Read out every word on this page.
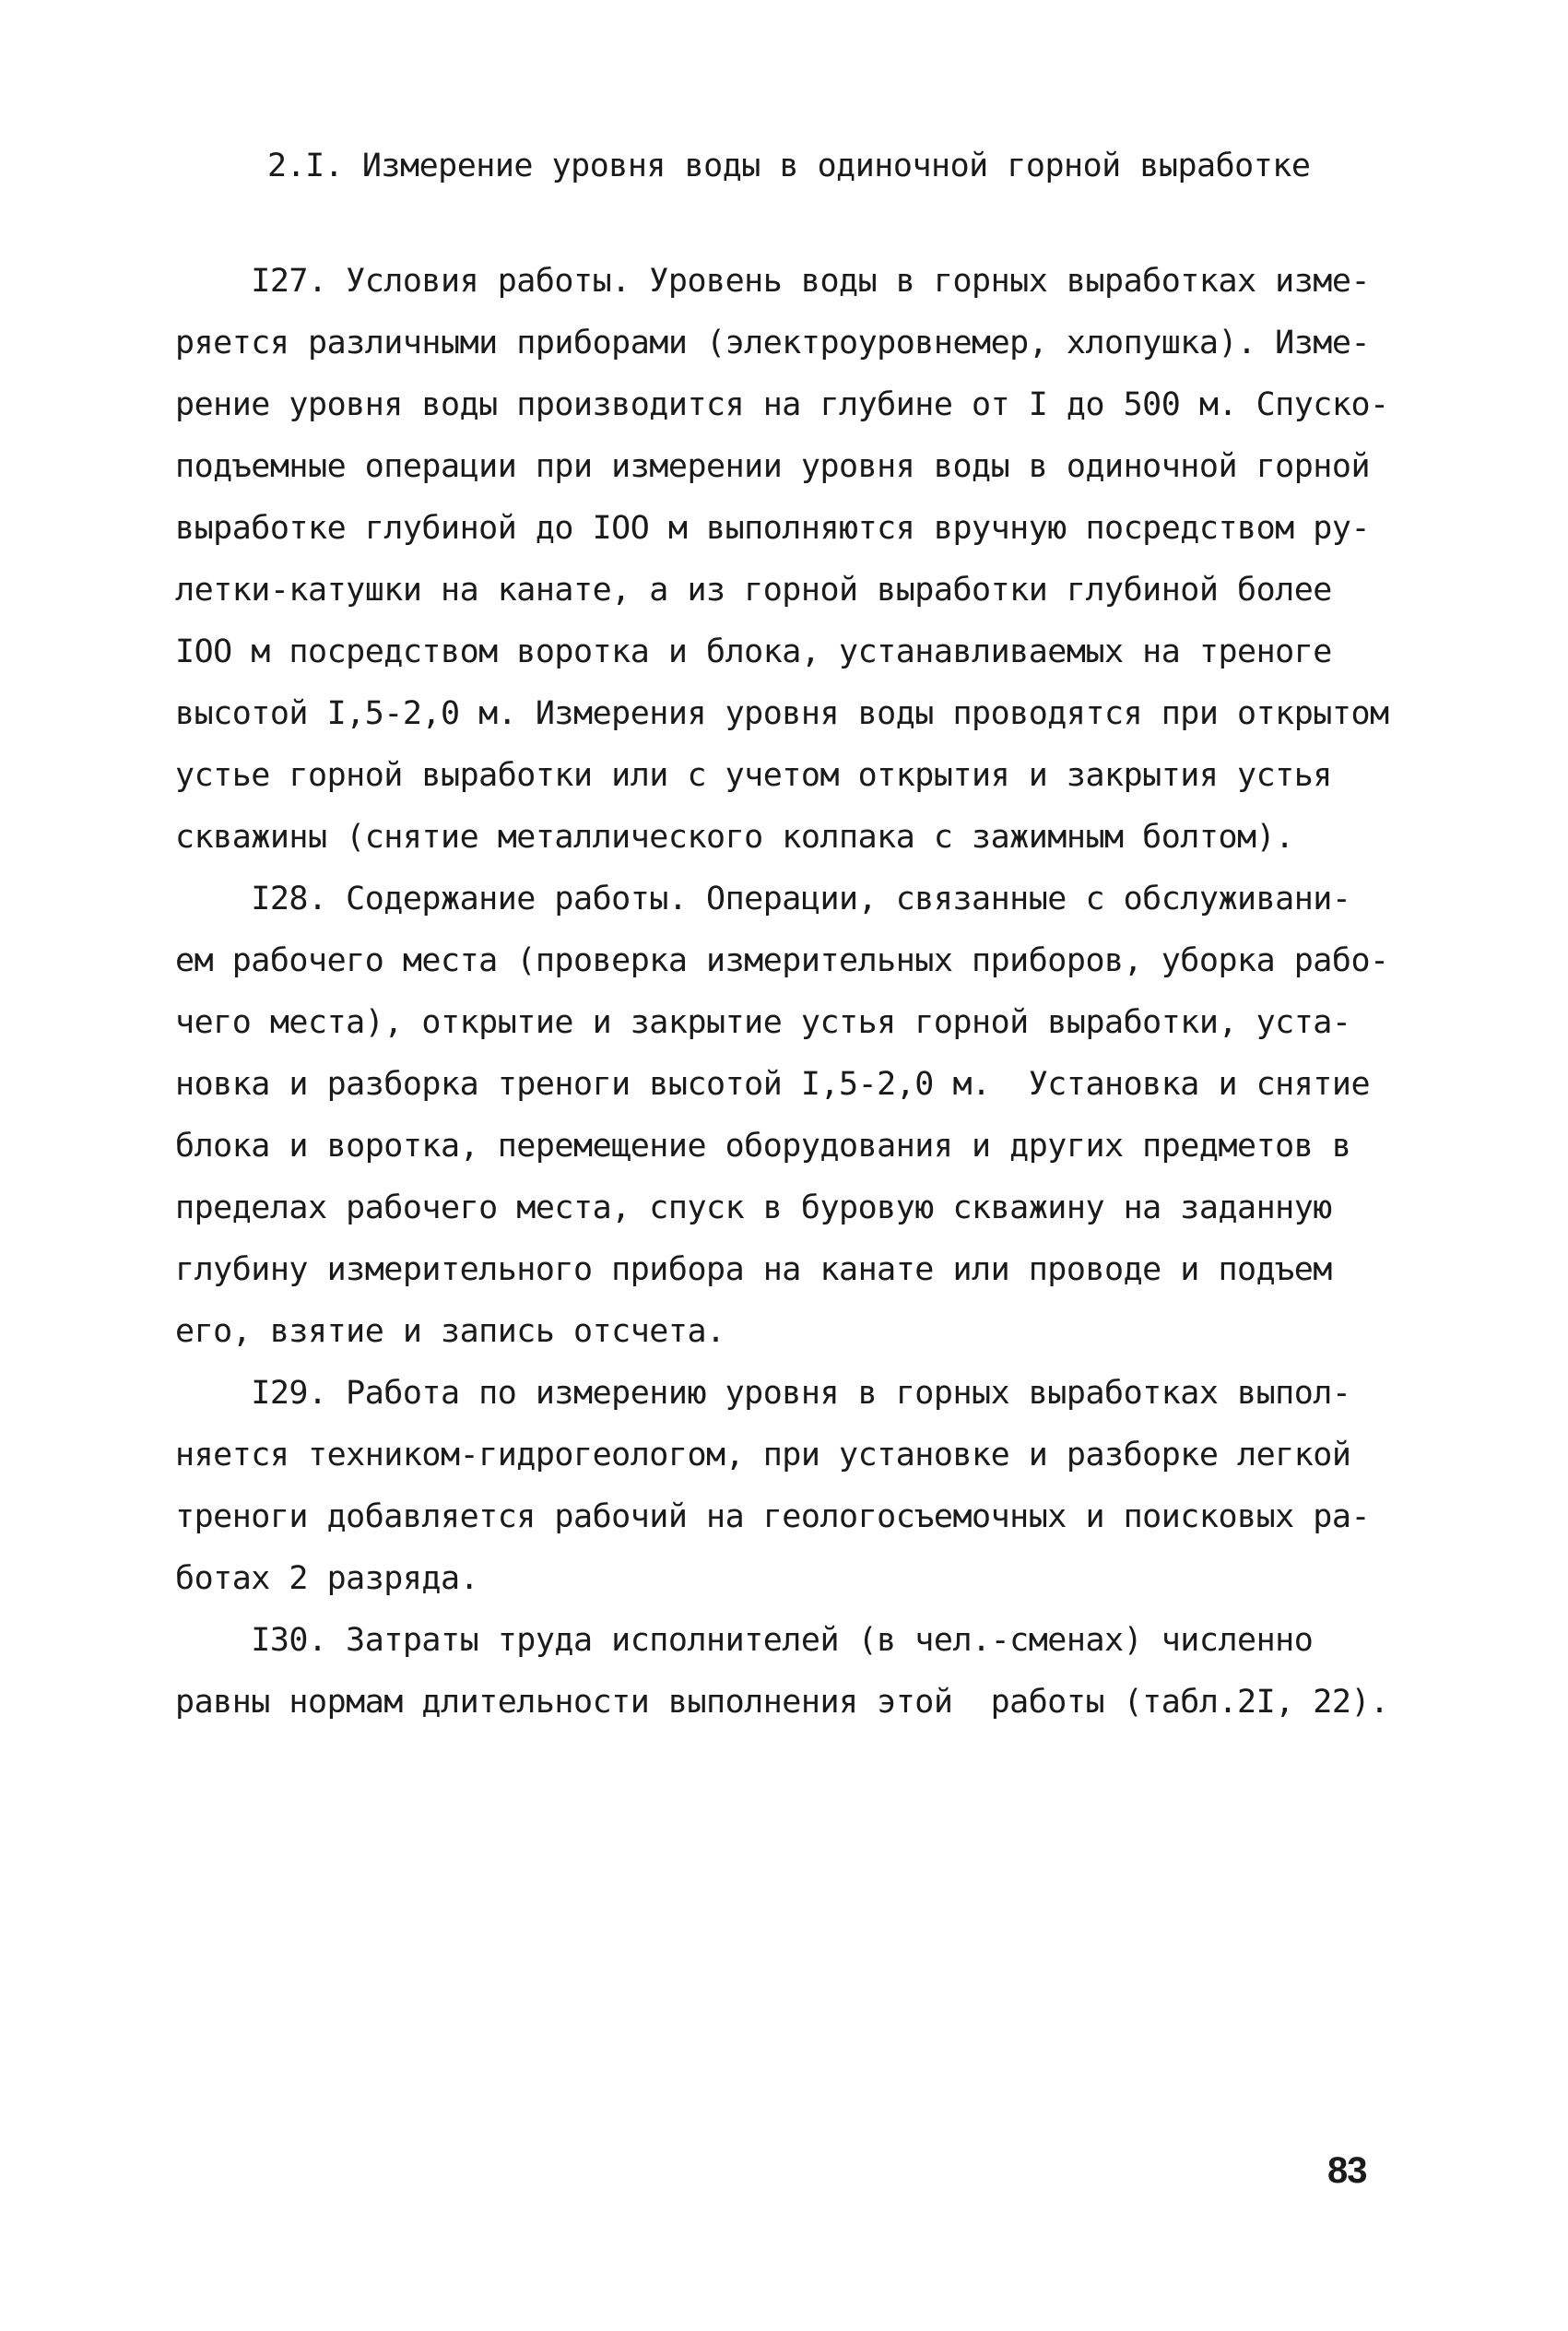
2.I. Измерение уровня воды в одиночной горной выработке
I27. Условия работы. Уровень воды в горных выработках изме-
ряется различными приборами (электроуровнемер, хлопушка). Изме-
рение уровня воды производится на глубине от I до 500 м. Спуско-
подъемные операции при измерении уровня воды в одиночной горной
выработке глубиной до IOO м выполняются вручную посредством ру-
летки-катушки на канате, а из горной выработки глубиной более
IOO м посредством воротка и блока, устанавливаемых на треноге
высотой I,5-2,0 м. Измерения уровня воды проводятся при открытом
устье горной выработки или с учетом открытия и закрытия устья
скважины (снятие металлического колпака с зажимным болтом).
I28. Содержание работы. Операции, связанные с обслуживани-
ем рабочего места (проверка измерительных приборов, уборка рабо-
чего места), открытие и закрытие устья горной выработки, уста-
новка и разборка треноги высотой I,5-2,0 м.  Установка и снятие
блока и воротка, перемещение оборудования и других предметов в
пределах рабочего места, спуск в буровую скважину на заданную
глубину измерительного прибора на канате или проводе и подъем
его, взятие и запись отсчета.
I29. Работа по измерению уровня в горных выработках выпол-
няется техником-гидрогеологом, при установке и разборке легкой
треноги добавляется рабочий на геологосъемочных и поисковых ра-
ботах 2 разряда.
I30. Затраты труда исполнителей (в чел.-сменах) численно
равны нормам длительности выполнения этой  работы (табл.2I, 22).
83
